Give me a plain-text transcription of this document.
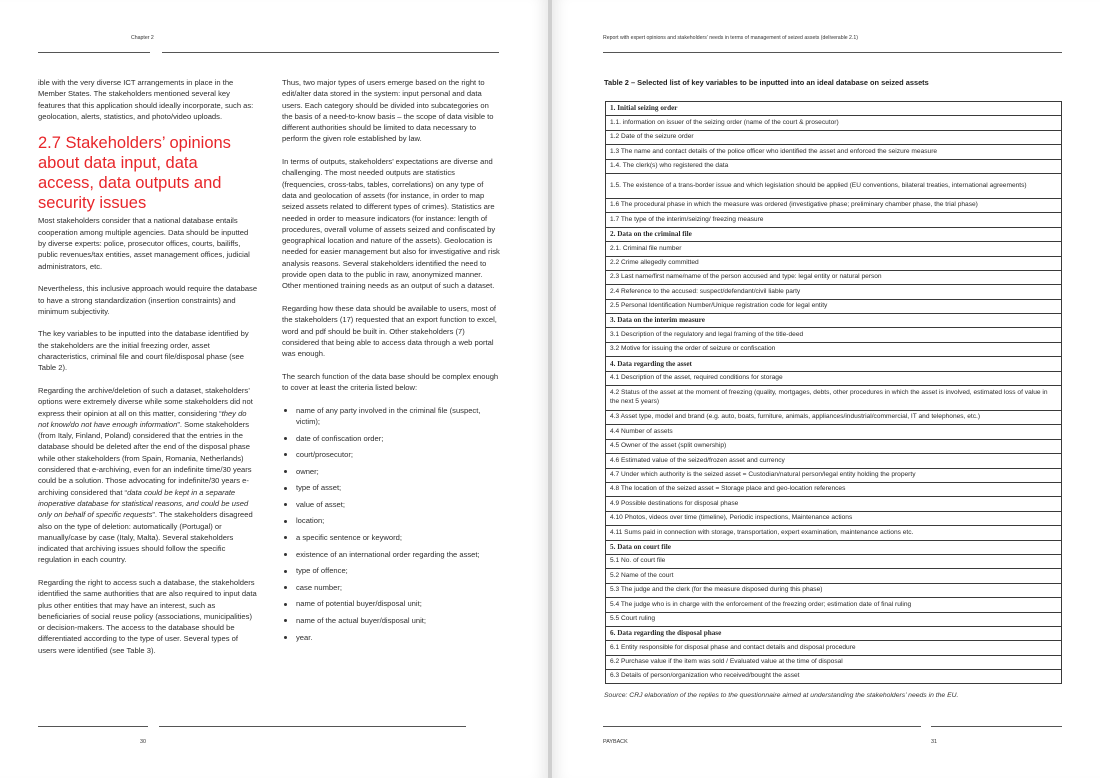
Chapter 2

ible with the very diverse ICT arrangements in place in the Member States. The stakeholders mentioned several key features that this application should ideally incorporate, such as: geolocation, alerts, statistics, and photo/video uploads.

2.7 Stakeholders’ opinions about data input, data access, data outputs and security issues

Most stakeholders consider that a national database entails cooperation among multiple agencies. Data should be inputted by diverse experts: police, prosecutor offices, courts, bailiffs, public revenues/tax entities, asset management offices, judicial administrators, etc.

Nevertheless, this inclusive approach would require the database to have a strong standardization (insertion constraints) and minimum subjectivity.

The key variables to be inputted into the database identified by the stakeholders are the initial freezing order, asset characteristics, criminal file and court file/disposal phase (see Table 2).

Regarding the archive/deletion of such a dataset, stakeholders’ options were extremely diverse while some stakeholders did not express their opinion at all on this matter, considering “they do not know/do not have enough information”. Some stakeholders (from Italy, Finland, Poland) considered that the entries in the database should be deleted after the end of the disposal phase while other stakeholders (from Spain, Romania, Netherlands) considered that e-archiving, even for an indefinite time/30 years could be a solution. Those advocating for indefinite/30 years e-archiving considered that “data could be kept in a separate inoperative database for statistical reasons, and could be used only on behalf of specific requests”. The stakeholders disagreed also on the type of deletion: automatically (Portugal) or manually/case by case (Italy, Malta). Several stakeholders indicated that archiving issues should follow the specific regulation in each country.

Regarding the right to access such a database, the stakeholders identified the same authorities that are also required to input data plus other entities that may have an interest, such as beneficiaries of social reuse policy (associations, municipalities) or decision-makers. The access to the database should be differentiated according to the type of user. Several types of users were identified (see Table 3).

Thus, two major types of users emerge based on the right to edit/alter data stored in the system: input personal and data users. Each category should be divided into subcategories on the basis of a need-to-know basis – the scope of data visible to different authorities should be limited to data necessary to perform the given role established by law.

In terms of outputs, stakeholders’ expectations are diverse and challenging. The most needed outputs are statistics (frequencies, cross-tabs, tables, correlations) on any type of data and geolocation of assets (for instance, in order to map seized assets related to different types of crimes). Statistics are needed in order to measure indicators (for instance: length of procedures, overall volume of assets seized and confiscated by geographical location and nature of the assets). Geolocation is needed for easier management but also for investigative and risk analysis reasons. Several stakeholders identified the need to provide open data to the public in raw, anonymized manner. Other mentioned training needs as an output of such a dataset.

Regarding how these data should be available to users, most of the stakeholders (17) requested that an export function to excel, word and pdf should be built in. Other stakeholders (7) considered that being able to access data through a web portal was enough.

The search function of the data base should be complex enough to cover at least the criteria listed below:

name of any party involved in the criminal file (suspect, victim);
date of confiscation order;
court/prosecutor;
owner;
type of asset;
value of asset;
location;
a specific sentence or keyword;
existence of an international order regarding the asset;
type of offence;
case number;
name of potential buyer/disposal unit;
name of the actual buyer/disposal unit;
year.
30
Report with expert opinions and stakeholders’ needs in terms of management of seized assets (deliverable 2.1)
Table 2 – Selected list of key variables to be inputted into an ideal database on seized assets
1. Initial seizing order
1.1. information on issuer of the seizing order (name of the court & prosecutor)
1.2 Date of the seizure order
1.3 The name and contact details of the police officer who identified the asset and enforced the seizure measure
1.4. The clerk(s) who registered the data
1.5. The existence of a trans-border issue and which legislation should be applied (EU conventions, bilateral treaties, international agreements)
1.6 The procedural phase in which the measure was ordered (investigative phase; preliminary chamber phase, the trial phase)
1.7 The type of the interim/seizing/ freezing measure
2. Data on the criminal file
2.1. Criminal file number
2.2 Crime allegedly committed
2.3 Last name/first name/name of the person accused and type: legal entity or natural person
2.4 Reference to the accused: suspect/defendant/civil liable party
2.5 Personal Identification Number/Unique registration code for legal entity
3. Data on the interim measure
3.1 Description of the regulatory and legal framing of the title-deed
3.2 Motive for issuing the order of seizure or confiscation
4. Data regarding the asset
4.1 Description of the asset, required conditions for storage
4.2 Status of the asset at the moment of freezing (quality, mortgages, debts, other procedures in which the asset is involved, estimated loss of value in the next 5 years)
4.3 Asset type, model and brand (e.g. auto, boats, furniture, animals, appliances/industrial/commercial, IT and telephones, etc.)
4.4 Number of assets
4.5 Owner of the asset (split ownership)
4.6 Estimated value of the seized/frozen asset and currency
4.7 Under which authority is the seized asset = Custodian/natural person/legal entity holding the property
4.8 The location of the seized asset = Storage place and geo-location references
4.9 Possible destinations for disposal phase
4.10 Photos, videos over time (timeline), Periodic inspections, Maintenance actions
4.11 Sums paid in connection with storage, transportation, expert examination, maintenance actions etc.
5. Data on court file
5.1 No. of court file
5.2 Name of the court
5.3 The judge and the clerk (for the measure disposed during this phase)
5.4 The judge who is in charge with the enforcement of the freezing order; estimation date of final ruling
5.5 Court ruling
6. Data regarding the disposal phase
6.1 Entity responsible for disposal phase and contact details and disposal procedure
6.2 Purchase value if the item was sold / Evaluated value at the time of disposal
6.3 Details of person/organization who received/bought the asset
Source: CRJ elaboration of the replies to the questionnaire aimed at understanding the stakeholders’ needs in the EU.
PAYBACK	31
